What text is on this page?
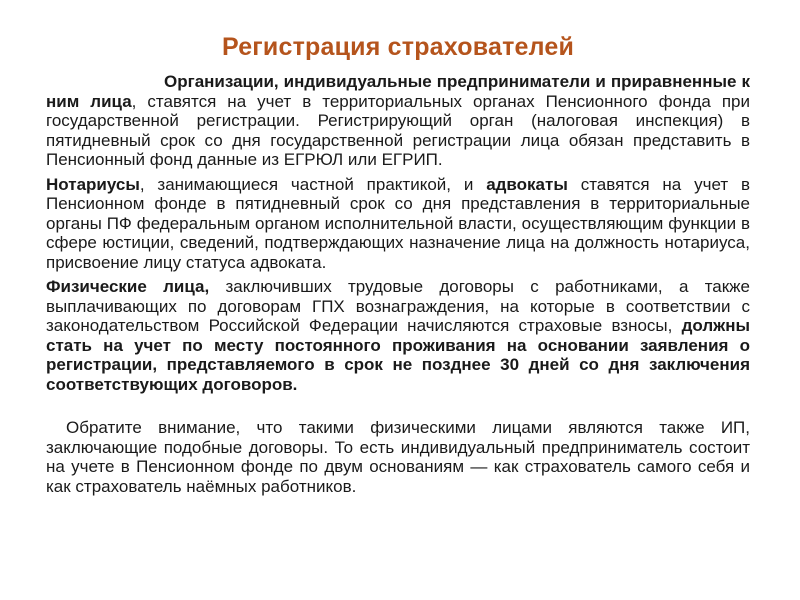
Регистрация страхователей

Организации, индивидуальные предприниматели и приравненные к ним лица, ставятся на учет в территориальных органах Пенсионного фонда при государственной регистрации. Регистрирующий орган (налоговая инспекция) в пятидневный срок со дня государственной регистрации лица обязан представить в Пенсионный фонд данные из ЕГРЮЛ или ЕГРИП.

Нотариусы, занимающиеся частной практикой, и адвокаты ставятся на учет в Пенсионном фонде в пятидневный срок со дня представления в территориальные органы ПФ федеральным органом исполнительной власти, осуществляющим функции в сфере юстиции, сведений, подтверждающих назначение лица на должность нотариуса, присвоение лицу статуса адвоката.

Физические лица, заключивших трудовые договоры с работниками, а также выплачивающих по договорам ГПХ вознаграждения, на которые в соответствии с законодательством Российской Федерации начисляются страховые взносы, должны стать на учет по месту постоянного проживания на основании заявления о регистрации, представляемого в срок не позднее 30 дней со дня заключения соответствующих договоров.

Обратите внимание, что такими физическими лицами являются также ИП, заключающие подобные договоры. То есть индивидуальный предприниматель состоит на учете в Пенсионном фонде по двум основаниям — как страхователь самого себя и как страхователь наёмных работников.
